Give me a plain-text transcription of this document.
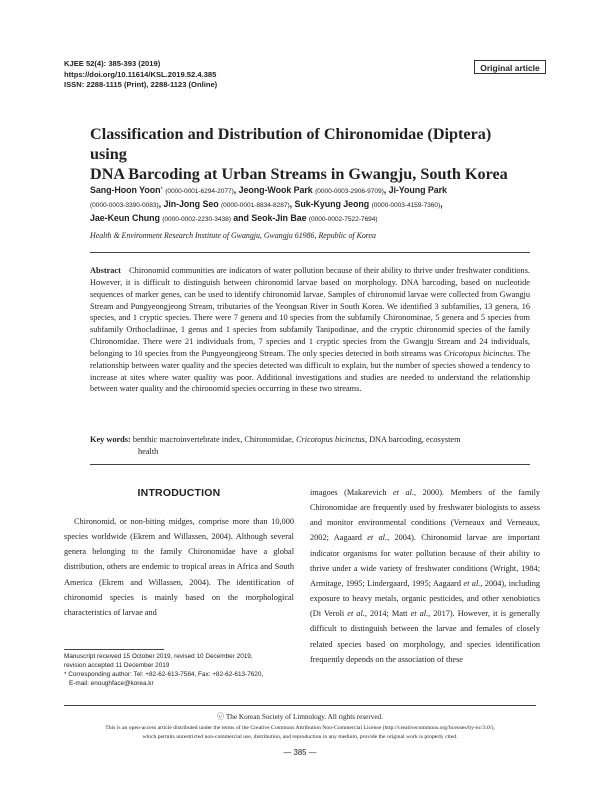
KJEE 52(4): 385-393 (2019)
https://doi.org/10.11614/KSL.2019.52.4.385
ISSN: 2288-1115 (Print), 2288-1123 (Online)
Original article
Classification and Distribution of Chironomidae (Diptera) using
DNA Barcoding at Urban Streams in Gwangju, South Korea
Sang-Hoon Yoon* (0000-0001-6294-2077), Jeong-Wook Park (0000-0003-2906-9709), Ji-Young Park
(0000-0003-3390-0083), Jin-Jong Seo (0000-0001-8834-8287), Suk-Kyung Jeong (0000-0003-4159-7360),
Jae-Keun Chung (0000-0002-2230-3438) and Seok-Jin Bae (0000-0002-7522-7694)
Health & Environment Research Institute of Gwangju, Gwangju 61986, Republic of Korea
Abstract Chironomid communities are indicators of water pollution because of their ability to thrive under freshwater conditions. However, it is difficult to distinguish between chironomid larvae based on morphology. DNA barcoding, based on nucleotide sequences of marker genes, can be used to identify chironomid larvae. Samples of chironomid larvae were collected from Gwangju Stream and Pungyeongjeong Stream, tributaries of the Yeongsan River in South Korea. We identified 3 subfamilies, 13 genera, 16 species, and 1 cryptic species. There were 7 genera and 10 species from the subfamily Chironominae, 5 genera and 5 species from subfamily Orthocladiinae, 1 genus and 1 species from subfamily Tanipodinae, and the cryptic chironomid species of the family Chironomidae. There were 21 individuals from, 7 species and 1 cryptic species from the Gwangju Stream and 24 individuals, belonging to 10 species from the Pungyeongjeong Stream. The only species detected in both streams was Cricotopus bicinctus. The relationship between water quality and the species detected was difficult to explain, but the number of species showed a tendency to increase at sites where water quality was poor. Additional investigations and studies are needed to understand the relationship between water quality and the chironomid species occurring in these two streams.
Key words: benthic macroinvertebrate index, Chironomidae, Cricotopus bicinctus, DNA barcoding, ecosystem
health
INTRODUCTION
Chironomid, or non-biting midges, comprise more than 10,000 species worldwide (Ekrem and Willassen, 2004). Although several genera belonging to the family Chironomidae have a global distribution, others are endemic to tropical areas in Africa and South America (Ekrem and Willassen, 2004). The identification of chironomid species is mainly based on the morphological characteristics of larvae and
imagoes (Makarevich et al., 2000). Members of the family Chironomidae are frequently used by freshwater biologists to assess and monitor environmental conditions (Verneaux and Verneaux, 2002; Aagaard et al., 2004). Chironomid larvae are important indicator organisms for water pollution because of their ability to thrive under a wide variety of freshwater conditions (Wright, 1984; Armitage, 1995; Lindergaard, 1995; Aagaard et al., 2004), including exposure to heavy metals, organic pesticides, and other xenobiotics (Di Veroli et al., 2014; Matt et al., 2017). However, it is generally difficult to distinguish between the larvae and females of closely related species based on morphology, and species identification frequently depends on the association of these
Manuscript received 15 October 2019, revised 10 December 2019,
revision accepted 11 December 2019
* Corresponding author: Tel: +82-62-613-7584, Fax: +82-62-613-7620,
E-mail: enoughface@korea.kr
ⓒ The Korean Society of Limnology. All rights reserved.
This is an open-access article distributed under the terms of the Creative Commons Attribution Non-Commercial License (http://creativecommons.org/licenses/by-nc/3.0/),
which permits unrestricted non-commercial use, distribution, and reproduction in any medium, provide the original work is properly cited.
— 385 —
